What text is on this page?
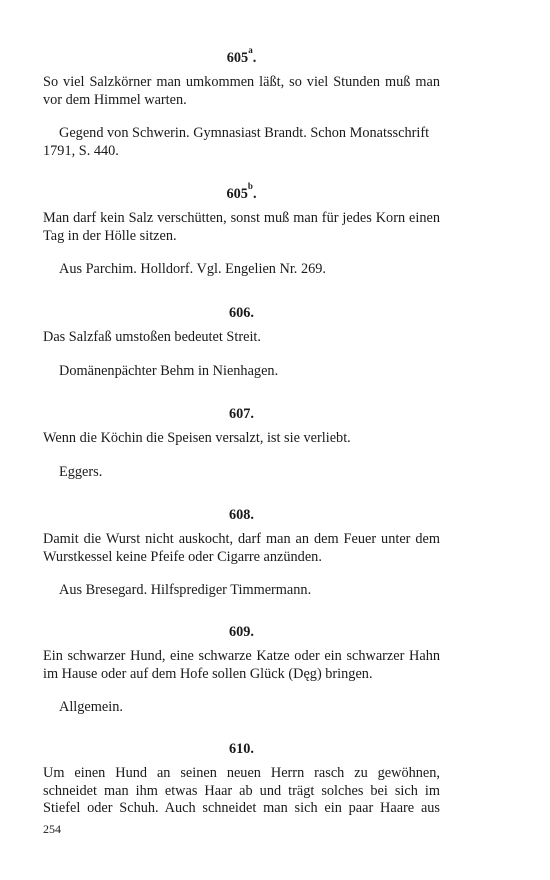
605$^a$.
So viel Salzkörner man umkommen läßt, so viel Stunden muß man vor dem Himmel warten.
Gegend von Schwerin. Gymnasiast Brandt. Schon Monatsschrift 1791, S. 440.
605$^b$.
Man darf kein Salz verschütten, sonst muß man für jedes Korn einen Tag in der Hölle sitzen.
Aus Parchim. Holldorf. Vgl. Engelien Nr. 269.
606.
Das Salzfaß umstoßen bedeutet Streit.
Domänenpächter Behm in Nienhagen.
607.
Wenn die Köchin die Speisen versalzt, ist sie verliebt.
Eggers.
608.
Damit die Wurst nicht auskocht, darf man an dem Feuer unter dem Wurstkessel keine Pfeife oder Cigarre anzünden.
Aus Bresegard. Hilfsprediger Timmermann.
609.
Ein schwarzer Hund, eine schwarze Katze oder ein schwarzer Hahn im Hause oder auf dem Hofe sollen Glück (Dęg) bringen.
Allgemein.
610.
Um einen Hund an seinen neuen Herrn rasch zu gewöhnen, schneidet man ihm etwas Haar ab und trägt solches bei sich im Stiefel oder Schuh. Auch schneidet man sich ein paar Haare aus
254
